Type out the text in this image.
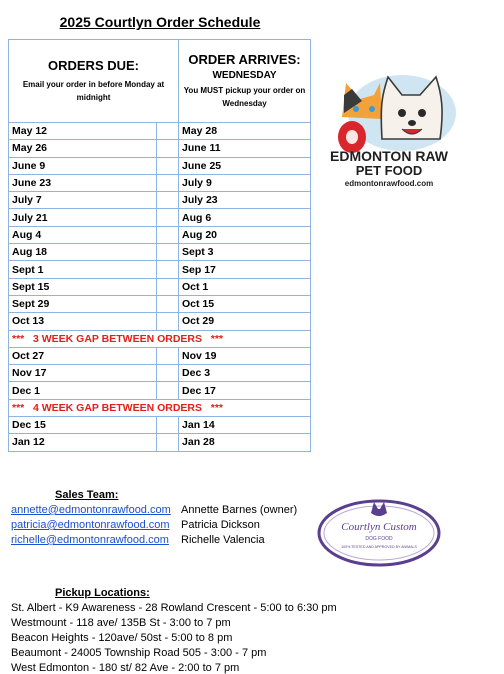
2025 Courtlyn Order Schedule
ORDERS DUE:
Email your order in before Monday at midnight		ORDER ARRIVES:
WEDNESDAY
You MUST pickup your order on Wednesday

May 12		May 28
May 26		June 11
June 9		June 25
June 23		July 9
July 7		July 23
July 21		Aug 6
Aug 4		Aug 20
Aug 18		Sept 3
Sept 1		Sep 17
Sept 15		Oct 1
Sept 29		Oct 15
Oct 13		Oct 29
***   3 WEEK GAP BETWEEN ORDERS   ***		
Oct 27		Nov 19
Nov 17		Dec 3
Dec 1		Dec 17
***   4 WEEK GAP BETWEEN ORDERS   ***		
Dec 15		Jan 14
Jan 12		Jan 28
EDMONTON RAW
PET FOOD
edmontonrawfood.com
Sales Team:
annette@edmontonrawfood.com Annette Barnes (owner)
patricia@edmontonrawfood.com Patricia Dickson
richelle@edmontonrawfood.com Richelle Valencia
Courtlyn Custom
DOG FOOD
100% TESTED AND APPROVED BY ANIMALS
Pickup Locations:
St. Albert - K9 Awareness - 28 Rowland Crescent - 5:00 to 6:30 pm
Westmount - 118 ave/ 135B St - 3:00 to 7 pm
Beacon Heights - 120ave/ 50st - 5:00 to 8 pm
Beaumont - 24005 Township Road 505 - 3:00 - 7 pm
West Edmonton - 180 st/ 82 Ave - 2:00 to 7 pm
